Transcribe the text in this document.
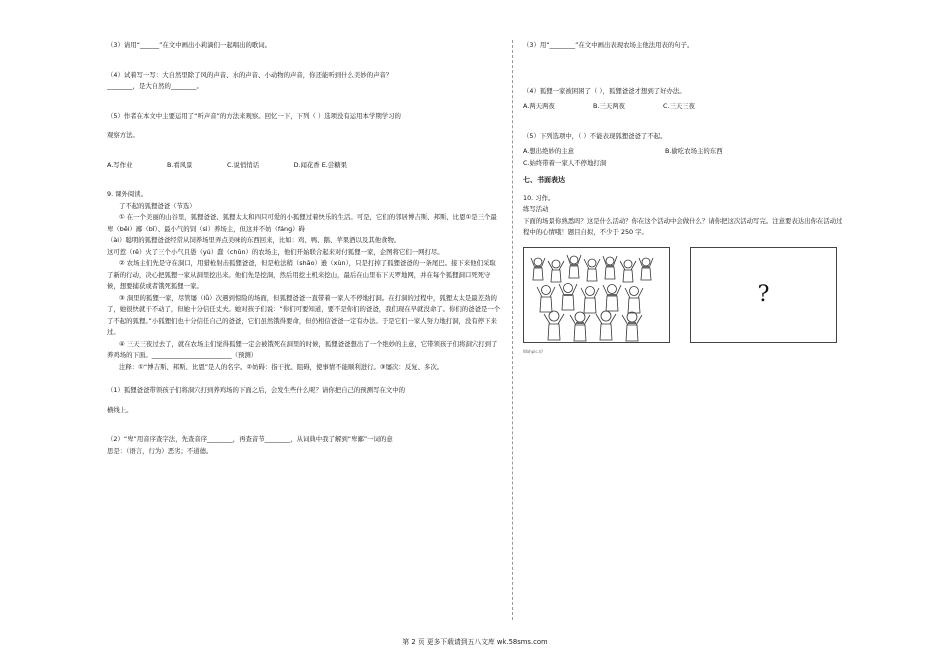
（3）请用“______”在文中画出小莉滴们一起唱出的歌词。

（4）试着写一写：大自然里除了风的声音、水的声音、小动物的声音，你还能听到什么美妙的声音？

________，是大自然的________。

（5）作者在本文中主要运用了“听声音”的方法来观察。回忆一下，下列（ ）选项没有运用本学期学习的

观察方法。

A.写作业	B.看风景	C.说悄悄话	D.闻花香 E.尝糖果

9. 课外阅读。

了不起的狐狸爸爸（节选）

① 在一个美丽的山谷里，狐狸爸爸、狐狸太太和四只可爱的小狐狸过着快乐的生活。可是，它们的邻居博吉斯、邦斯、比恩①是三个最卑（bēi）鄙（bǐ）、最小气的饲（sì）养场主，但这并不妨（fáng）碍

（ài）聪明的狐狸爸爸经常从饲养场里弄点美味的东西回来，比如：鸡、鸭、鹅、苹果酒以及其他食物。

这可惹（rě）火了三个小气且愚（yú）蠢（chǔn）的农场主，他们开始联合起来对付狐狸一家，企图将它们一网打尽。

② 农场主们先是守在洞口，用猎枪射击狐狸爸爸，但是枪法稍（shāo）逊（xùn），只是打掉了狐狸爸爸的一条尾巴。接下来他们采取了新的行动，决心把狐狸一家从洞里挖出来。他们先是挖洞，然后用挖土机来挖山，最后在山里布下天罗地网，并在每个狐狸洞口死死守候，想要捕获或者饿死狐狸一家。

③ 洞里的狐狸一家，尽管屡（lǚ）次遇到惊险的场面，但狐狸爸爸一直带着一家人不停地打洞。在打洞的过程中，狐狸太太是最差劲的了，她很快就干不动了，但她十分信任丈夫。她对孩子们说：“你们可要知道，要不是你们的爸爸，我们现在早就没命了。你们的爸爸是一个了不起的狐狸。”小狐狸们也十分信任自己的爸爸，它们虽然饿得要命，但仍相信爸爸一定有办法。于是它们一家人努力地打洞，没有停下来过。

④ 三天三夜过去了，就在农场主们觉得狐狸一定会被饿死在洞里的时候，狐狸爸爸想出了一个绝妙的主意，它带领孩子们将洞穴打到了养鸡场的下面。_________________________（预测）

注释：①“博吉斯、邦斯、比恩”是人的名字。②妨碍：指干扰、阻碍，使事情不能顺利进行。③屡次：反复、多次。

（1）狐狸爸爸带领孩子们将洞穴打到养鸡场的下面之后，会发生些什么呢？请你把自己的预测写在文中的

横线上。

（2）“卑”用音序查字法，先查音序________，再查音节________，从词典中我了解到“卑鄙”一词的意

思是：（语言，行为）恶劣；不道德。

（3）用“________”在文中画出表现农场主他法用表的句子。

（4）狐狸一家被困困了（ ），狐狸爸爸才想到了好办法。

A.两天两夜	B.三天两夜	C.三天三夜

（5）下列选项中，（ ）不能表现狐狸爸爸了不起。

A.想出绝妙的主意	B.偷吃农场主的东西 C.始终带着一家人不停地打洞

七、书面表达

10. 习作。

练写活动

下面的场景你熟悉吗？这是什么活动？你在这个活动中会做什么？请你把这次活动写完。注意要表达出你在活动过程中的心情哦！题目自拟，不少于 250 字。

?

Wahpic.///

第 2 页 更多下载请到五八文库 wk.58sms.com
